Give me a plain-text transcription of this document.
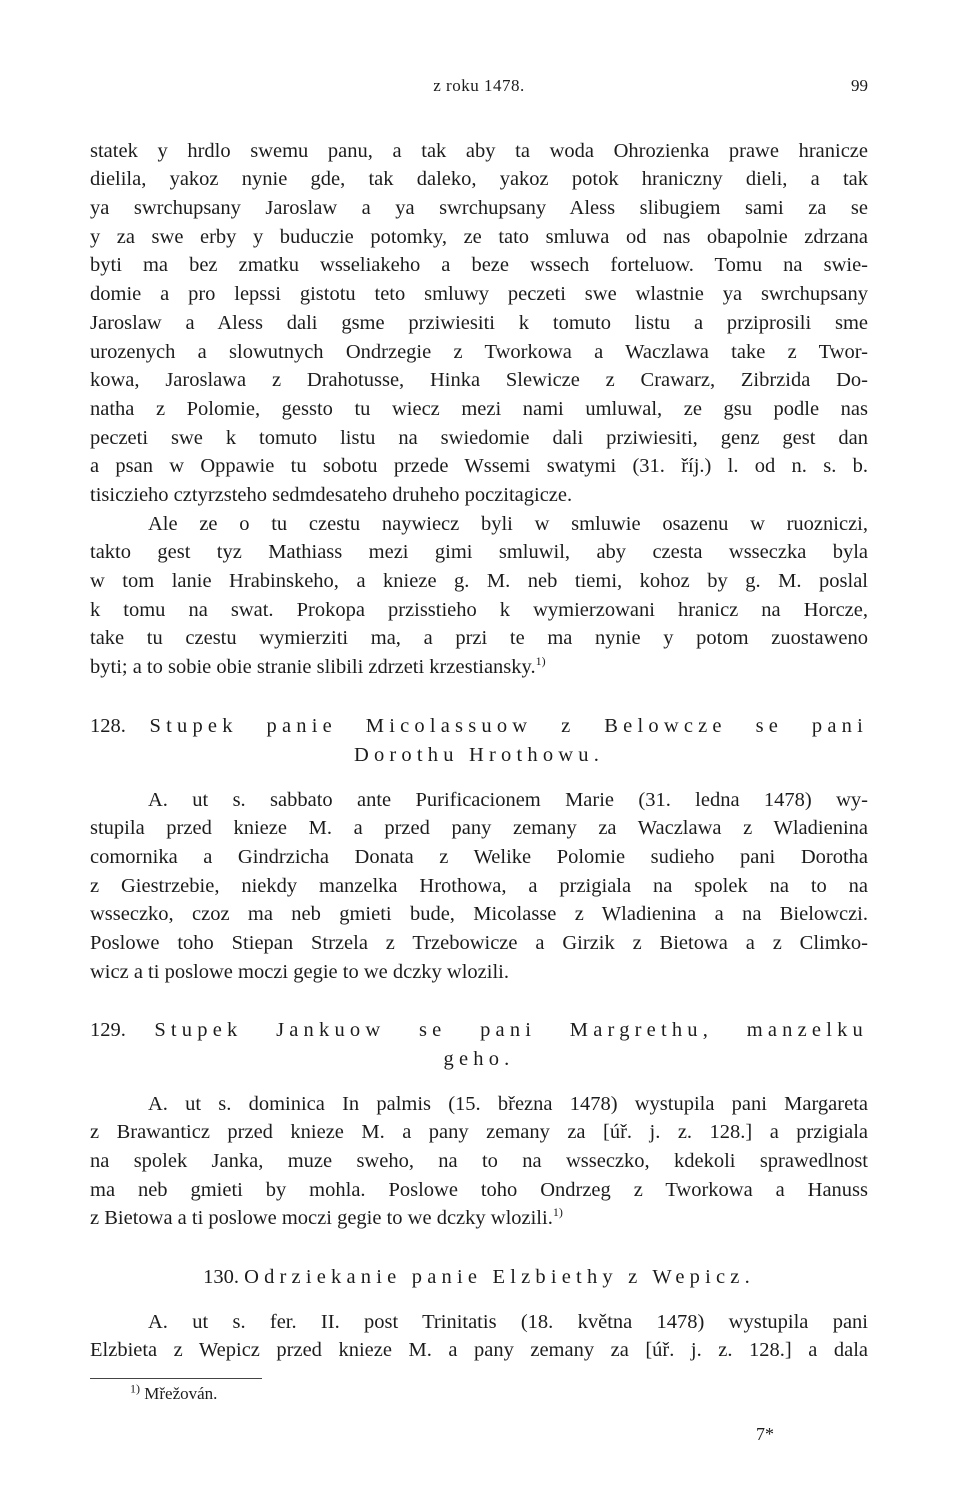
z roku 1478.	99
statek y hrdlo swemu panu, a tak aby ta woda Ohrozienka prawe hranicze
dielila, yakoz nynie gde, tak daleko, yakoz potok hraniczny dieli, a tak
ya swrchupsany Jaroslaw a ya swrchupsany Aless slibugiem sami za se
y za swe erby y buduczie potomky, ze tato smluwa od nas obapolnie zdrzana
byti ma bez zmatku wsseliakeho a beze wssech forteluow. Tomu na swie-
domie a pro lepssi gistotu teto smluwy peczeti swe wlastnie ya swrchupsany
Jaroslaw a Aless dali gsme prziwiesiti k tomuto listu a prziprosili sme
urozenych a slowutnych Ondrzegie z Tworkowa a Waczlawa take z Twor-
kowa, Jaroslawa z Drahotusse, Hinka Slewicze z Crawarz, Zibrzida Do-
natha z Polomie, gessto tu wiecz mezi nami umluwal, ze gsu podle nas
peczeti swe k tomuto listu na swiedomie dali prziwiesiti, genz gest dan
a psan w Oppawie tu sobotu przede Wssemi swatymi (31. říj.) l. od n. s. b.
tisiczieho cztyrzsteho sedmdesateho druheho poczitagicze.
Ale ze o tu czestu naywiecz byli w smluwie osazenu w ruozniczi,
takto gest tyz Mathiass mezi gimi smluwil, aby czesta wsseczka byla
w tom lanie Hrabinskeho, a knieze g. M. neb tiemi, kohoz by g. M. poslal
k tomu na swat. Prokopa przisstieho k wymierzowani hranicz na Horcze,
take tu czestu wymierziti ma, a przi te ma nynie y potom zuostaweno
byti; a to sobie obie stranie slibili zdrzeti krzestiansky.$^{1)}$
128. Stupek panie Micolassuow z Belowcze se pani
Dorothu Hrothowu.
A. ut s. sabbato ante Purificacionem Marie (31. ledna 1478) wy-
stupila przed knieze M. a przed pany zemany za Waczlawa z Wladienina
comornika a Gindrzicha Donata z Welike Polomie sudieho pani Dorotha
z Giestrzebie, niekdy manzelka Hrothowa, a przigiala na spolek na to na
wsseczko, czoz ma neb gmieti bude, Micolasse z Wladienina a na Bielowczi.
Poslowe toho Stiepan Strzela z Trzebowicze a Girzik z Bietowa a z Climko-
wicz a ti poslowe moczi gegie to we dczky wlozili.
129. Stupek Jankuow se pani Margrethu, manzelku
geho.
A. ut s. dominica In palmis (15. března 1478) wystupila pani Margareta
z Brawanticz przed knieze M. a pany zemany za [úř. j. z. 128.] a przigiala
na spolek Janka, muze sweho, na to na wsseczko, kdekoli sprawedlnost
ma neb gmieti by mohla. Poslowe toho Ondrzeg z Tworkowa a Hanuss
z Bietowa a ti poslowe moczi gegie to we dczky wlozili.$^{1)}$
130. Odrziekanie panie Elzbiethy z Wepicz.
A. ut s. fer. II. post Trinitatis (18. května 1478) wystupila pani
Elzbieta z Wepicz przed knieze M. a pany zemany za [úř. j. z. 128.] a dala
$^{1)}$ Mřežován.
7*
